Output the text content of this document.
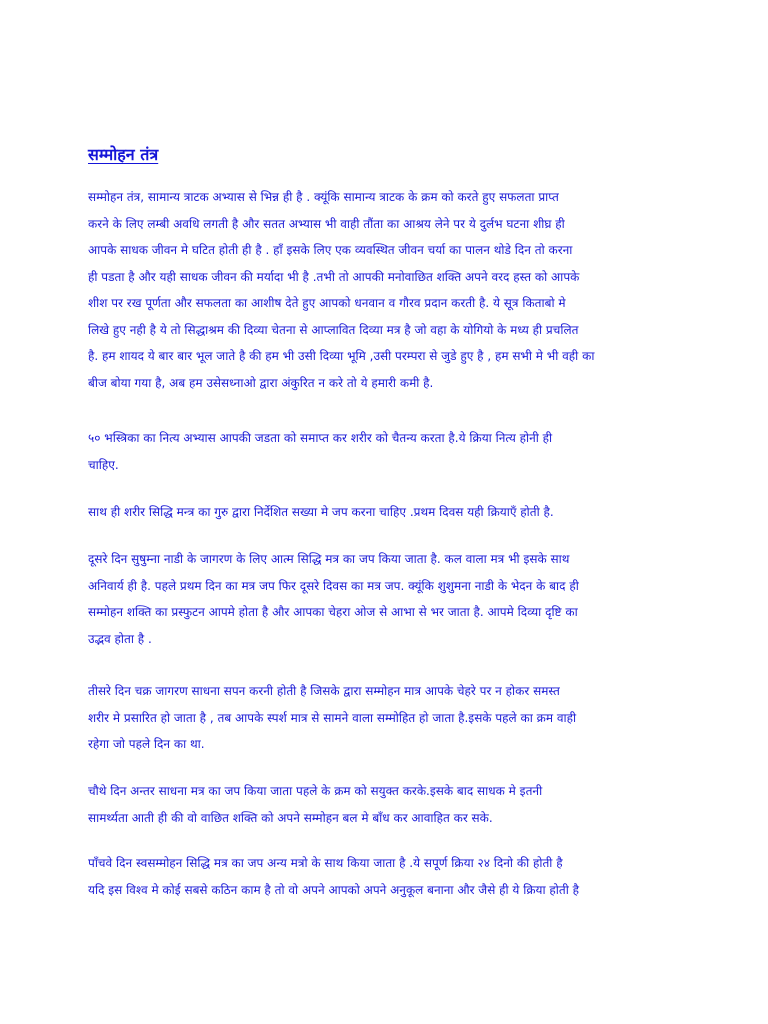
सम्मोहन तंत्र

सम्मोहन तंत्र, सामान्य त्राटक अभ्यास से भिन्न ही है . क्यूंकि सामान्य त्राटक के क्रम को करते हुए सफलता प्राप्त
करने के लिए लम्बी अवधि लगती है और सतत अभ्यास भी वाही तौंता का आश्रय लेने पर ये दुर्लभ घटना शीघ्र ही
आपके साधक जीवन मे घटित होती ही है . हाँ इसके लिए एक व्यवस्थित जीवन चर्या का पालन थोडे दिन तो करना
ही पडता है और यही साधक जीवन की मर्यादा भी है .तभी तो आपकी मनोवाछित शक्ति अपने वरद हस्त को आपके
शीश पर रख पूर्णता और सफलता का आशीष देते हुए आपको धनवान व गौरव प्रदान करती है. ये सूत्र किताबो मे
लिखे हुए नही है ये तो सिद्धाश्रम की दिव्या चेतना से आप्लावित दिव्या मत्र है जो वहा के योगियो के मध्य ही प्रचलित
है. हम शायद ये बार बार भूल जाते है की हम भी उसी दिव्या भूमि ,उसी परम्परा से जुडे हुए है , हम सभी मे भी वही का
बीज बोया गया है, अब हम उसेसध्नाओ द्वारा अंकुरित न करे तो ये हमारी कमी है.

५० भस्त्रिका का नित्य अभ्यास आपकी जडता को समाप्त कर शरीर को चैतन्य करता है.ये क्रिया नित्य होनी ही
चाहिए.

साथ ही शरीर सिद्धि मन्त्र का गुरु द्वारा निर्देशित सख्या मे जप करना चाहिए .प्रथम दिवस यही क्रियाएँ होती है.

दूसरे दिन सुषुम्ना नाडी के जागरण के लिए आत्म सिद्धि मत्र का जप किया जाता है. कल वाला मत्र भी इसके साथ
अनिवार्य ही है. पहले प्रथम दिन का मत्र जप फिर दूसरे दिवस का मत्र जप. क्यूंकि शुशुमना नाडी के भेदन के बाद ही
सम्मोहन शक्ति का प्रस्फुटन आपमे होता है और आपका चेहरा ओज से आभा से भर जाता है. आपमे दिव्या दृष्टि का
उद्भव होता है .

तीसरे दिन चक्र जागरण साधना सपन करनी होती है जिसके द्वारा सम्मोहन मात्र आपके चेहरे पर न होकर समस्त
शरीर मे प्रसारित हो जाता है , तब आपके स्पर्श मात्र से सामने वाला सम्मोहित हो जाता है.इसके पहले का क्रम वाही
रहेगा जो पहले दिन का था.

चौथे दिन अन्तर साधना मत्र का जप किया जाता पहले के क्रम को सयुक्त करके.इसके बाद साधक मे इतनी
सामर्थ्यता आती ही की वो वाछित शक्ति को अपने सम्मोहन बल मे बाँध कर आवाहित कर सके.

पाँचवे दिन स्वसम्मोहन सिद्धि मत्र का जप अन्य मत्रो के साथ किया जाता है .ये सपूर्ण क्रिया २४ दिनो की होती है
यदि इस विश्व मे कोई सबसे कठिन काम है तो वो अपने आपको अपने अनुकूल बनाना और जैसे ही ये क्रिया होती है
